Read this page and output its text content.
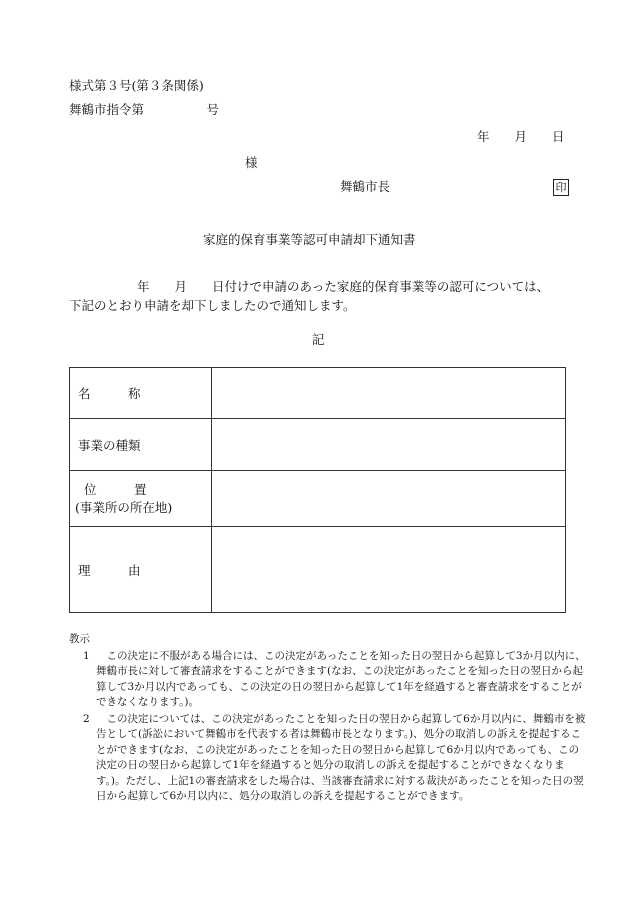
様式第３号(第３条関係)
舞鶴市指令第　　　　　号
年　　月　　日
様
舞鶴市長	印
家庭的保育事業等認可申請却下通知書
年　　月　　日付けで申請のあった家庭的保育事業等の認可については、
下記のとおり申請を却下しましたので通知します。
記
名　　　称	
事業の種類	

位　　　置
(事業所の所在地)	

理　　　由	
教示
1	この決定に不服がある場合には、この決定があったことを知った日の翌日から起算して3か月以内に、舞鶴市長に対して審査請求をすることができます(なお、この決定があったことを知った日の翌日から起算して3か月以内であっても、この決定の日の翌日から起算して1年を経過すると審査請求をすることができなくなります。)。
2	この決定については、この決定があったことを知った日の翌日から起算して6か月以内に、舞鶴市を被告として(訴訟において舞鶴市を代表する者は舞鶴市長となります。)、処分の取消しの訴えを提起することができます(なお、この決定があったことを知った日の翌日から起算して6か月以内であっても、この決定の日の翌日から起算して1年を経過すると処分の取消しの訴えを提起することができなくなります。)。ただし、上記1の審査請求をした場合は、当該審査請求に対する裁決があったことを知った日の翌日から起算して6か月以内に、処分の取消しの訴えを提起することができます。
